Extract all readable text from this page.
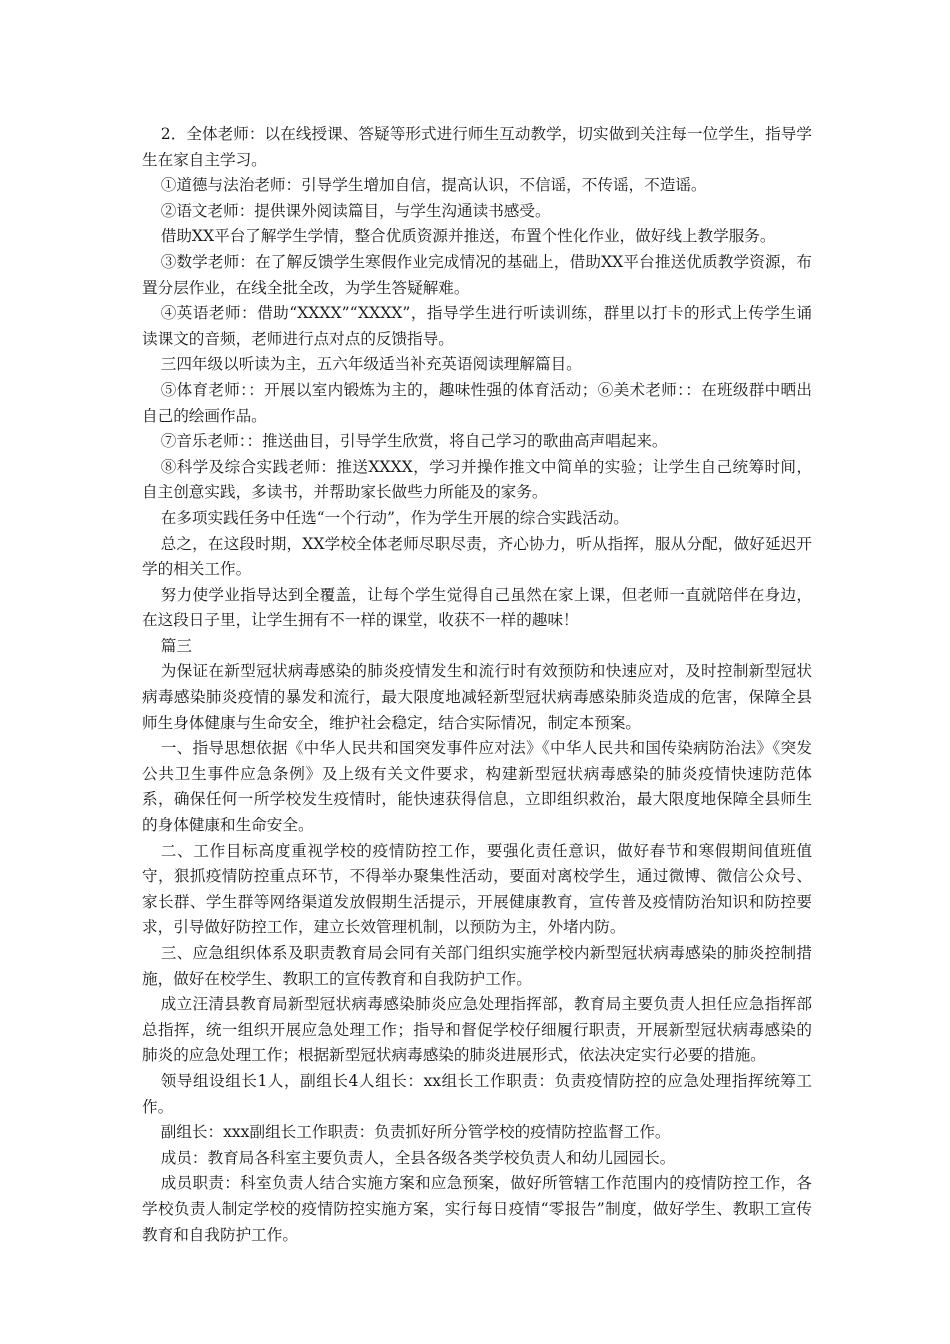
2．全体老师：以在线授课、答疑等形式进行师生互动教学，切实做到关注每一位学生，指导学生在家自主学习。

①道德与法治老师：引导学生增加自信，提高认识，不信谣，不传谣，不造谣。

②语文老师：提供课外阅读篇目，与学生沟通读书感受。

借助XX平台了解学生学情，整合优质资源并推送，布置个性化作业，做好线上教学服务。

③数学老师：在了解反馈学生寒假作业完成情况的基础上，借助XX平台推送优质教学资源，布置分层作业，在线全批全改，为学生答疑解难。

④英语老师：借助“XXXX”“XXXX”，指导学生进行听读训练，群里以打卡的形式上传学生诵读课文的音频，老师进行点对点的反馈指导。

三四年级以听读为主，五六年级适当补充英语阅读理解篇目。

⑤体育老师：：开展以室内锻炼为主的，趣味性强的体育活动；⑥美术老师：：在班级群中晒出自己的绘画作品。

⑦音乐老师：：推送曲目，引导学生欣赏，将自己学习的歌曲高声唱起来。

⑧科学及综合实践老师：推送XXXX，学习并操作推文中简单的实验；让学生自己统筹时间，自主创意实践，多读书，并帮助家长做些力所能及的家务。

在多项实践任务中任选“一个行动”，作为学生开展的综合实践活动。

总之，在这段时期，XX学校全体老师尽职尽责，齐心协力，听从指挥，服从分配，做好延迟开学的相关工作。

努力使学业指导达到全覆盖，让每个学生觉得自己虽然在家上课，但老师一直就陪伴在身边，在这段日子里，让学生拥有不一样的课堂，收获不一样的趣味！

篇三

为保证在新型冠状病毒感染的肺炎疫情发生和流行时有效预防和快速应对，及时控制新型冠状病毒感染肺炎疫情的暴发和流行，最大限度地减轻新型冠状病毒感染肺炎造成的危害，保障全县师生身体健康与生命安全，维护社会稳定，结合实际情况，制定本预案。

一、指导思想依据《中华人民共和国突发事件应对法》《中华人民共和国传染病防治法》《突发公共卫生事件应急条例》及上级有关文件要求，构建新型冠状病毒感染的肺炎疫情快速防范体系，确保任何一所学校发生疫情时，能快速获得信息，立即组织救治，最大限度地保障全县师生的身体健康和生命安全。

二、工作目标高度重视学校的疫情防控工作，要强化责任意识，做好春节和寒假期间值班值守，狠抓疫情防控重点环节，不得举办聚集性活动，要面对离校学生，通过微博、微信公众号、家长群、学生群等网络渠道发放假期生活提示，开展健康教育，宣传普及疫情防治知识和防控要求，引导做好防控工作，建立长效管理机制，以预防为主，外堵内防。

三、应急组织体系及职责教育局会同有关部门组织实施学校内新型冠状病毒感染的肺炎控制措施，做好在校学生、教职工的宣传教育和自我防护工作。

成立汪清县教育局新型冠状病毒感染肺炎应急处理指挥部，教育局主要负责人担任应急指挥部总指挥，统一组织开展应急处理工作；指导和督促学校仔细履行职责，开展新型冠状病毒感染的肺炎的应急处理工作；根据新型冠状病毒感染的肺炎进展形式，依法决定实行必要的措施。

领导组设组长1人，副组长4人组长：xx组长工作职责：负责疫情防控的应急处理指挥统筹工作。

副组长：xxx副组长工作职责：负责抓好所分管学校的疫情防控监督工作。

成员：教育局各科室主要负责人，全县各级各类学校负责人和幼儿园园长。

成员职责：科室负责人结合实施方案和应急预案，做好所管辖工作范围内的疫情防控工作，各学校负责人制定学校的疫情防控实施方案，实行每日疫情“零报告”制度，做好学生、教职工宣传教育和自我防护工作。
